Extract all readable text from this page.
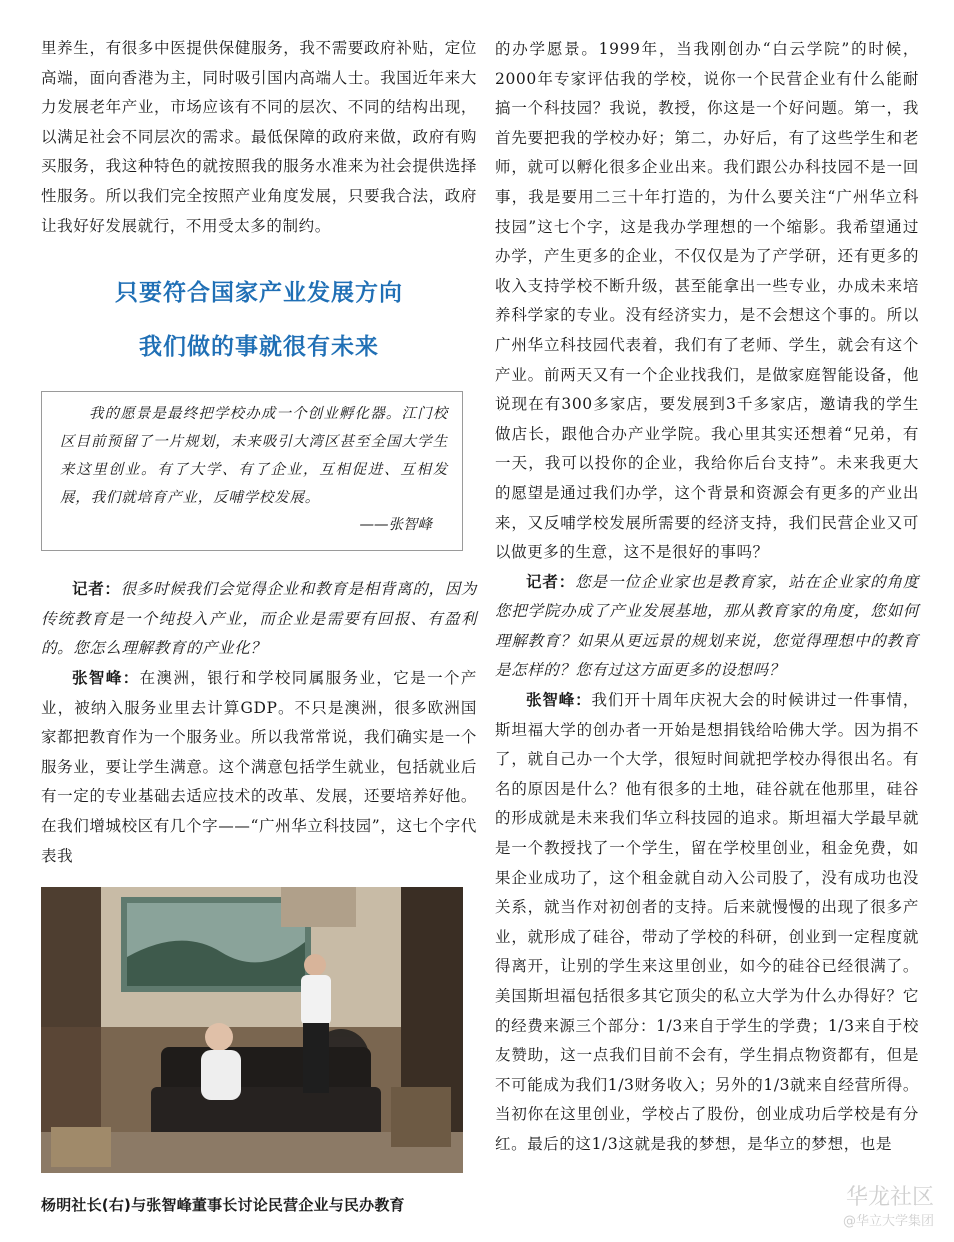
里养生，有很多中医提供保健服务，我不需要政府补贴，定位高端，面向香港为主，同时吸引国内高端人士。我国近年来大力发展老年产业，市场应该有不同的层次、不同的结构出现，以满足社会不同层次的需求。最低保障的政府来做，政府有购买服务，我这种特色的就按照我的服务水准来为社会提供选择性服务。所以我们完全按照产业角度发展，只要我合法，政府让我好好发展就行，不用受太多的制约。

只要符合国家产业发展方向

我们做的事就很有未来

我的愿景是最终把学校办成一个创业孵化器。江门校区目前预留了一片规划，未来吸引大湾区甚至全国大学生来这里创业。有了大学、有了企业，互相促进、互相发展，我们就培育产业，反哺学校发展。

——张智峰

记者：很多时候我们会觉得企业和教育是相背离的，因为传统教育是一个纯投入产业，而企业是需要有回报、有盈利的。您怎么理解教育的产业化？

张智峰：在澳洲，银行和学校同属服务业，它是一个产业，被纳入服务业里去计算GDP。不只是澳洲，很多欧洲国家都把教育作为一个服务业。所以我常常说，我们确实是一个服务业，要让学生满意。这个满意包括学生就业，包括就业后有一定的专业基础去适应技术的改革、发展，还要培养好他。在我们增城校区有几个字——“广州华立科技园”，这七个字代表我

杨明社长(右)与张智峰董事长讨论民营企业与民办教育

的办学愿景。1999年，当我刚创办“白云学院”的时候，2000年专家评估我的学校，说你一个民营企业有什么能耐搞一个科技园？我说，教授，你这是一个好问题。第一，我首先要把我的学校办好；第二，办好后，有了这些学生和老师，就可以孵化很多企业出来。我们跟公办科技园不是一回事，我是要用二三十年打造的，为什么要关注“广州华立科技园”这七个字，这是我办学理想的一个缩影。我希望通过办学，产生更多的企业，不仅仅是为了产学研，还有更多的收入支持学校不断升级，甚至能拿出一些专业，办成未来培养科学家的专业。没有经济实力，是不会想这个事的。所以广州华立科技园代表着，我们有了老师、学生，就会有这个产业。前两天又有一个企业找我们，是做家庭智能设备，他说现在有300多家店，要发展到3千多家店，邀请我的学生做店长，跟他合办产业学院。我心里其实还想着“兄弟，有一天，我可以投你的企业，我给你后台支持”。未来我更大的愿望是通过我们办学，这个背景和资源会有更多的产业出来，又反哺学校发展所需要的经济支持，我们民营企业又可以做更多的生意，这不是很好的事吗？

记者：您是一位企业家也是教育家，站在企业家的角度您把学院办成了产业发展基地，那从教育家的角度，您如何理解教育？如果从更远景的规划来说，您觉得理想中的教育是怎样的？您有过这方面更多的设想吗？

张智峰：我们开十周年庆祝大会的时候讲过一件事情，斯坦福大学的创办者一开始是想捐钱给哈佛大学。因为捐不了，就自己办一个大学，很短时间就把学校办得很出名。有名的原因是什么？他有很多的土地，硅谷就在他那里，硅谷的形成就是未来我们华立科技园的追求。斯坦福大学最早就是一个教授找了一个学生，留在学校里创业，租金免费，如果企业成功了，这个租金就自动入公司股了，没有成功也没关系，就当作对初创者的支持。后来就慢慢的出现了很多产业，就形成了硅谷，带动了学校的科研，创业到一定程度就得离开，让别的学生来这里创业，如今的硅谷已经很满了。美国斯坦福包括很多其它顶尖的私立大学为什么办得好？它的经费来源三个部分：1/3来自于学生的学费；1/3来自于校友赞助，这一点我们目前不会有，学生捐点物资都有，但是不可能成为我们1/3财务收入；另外的1/3就来自经营所得。当初你在这里创业，学校占了股份，创业成功后学校是有分红。最后的这1/3这就是我的梦想，是华立的梦想，也是

华龙社区
@华立大学集团
